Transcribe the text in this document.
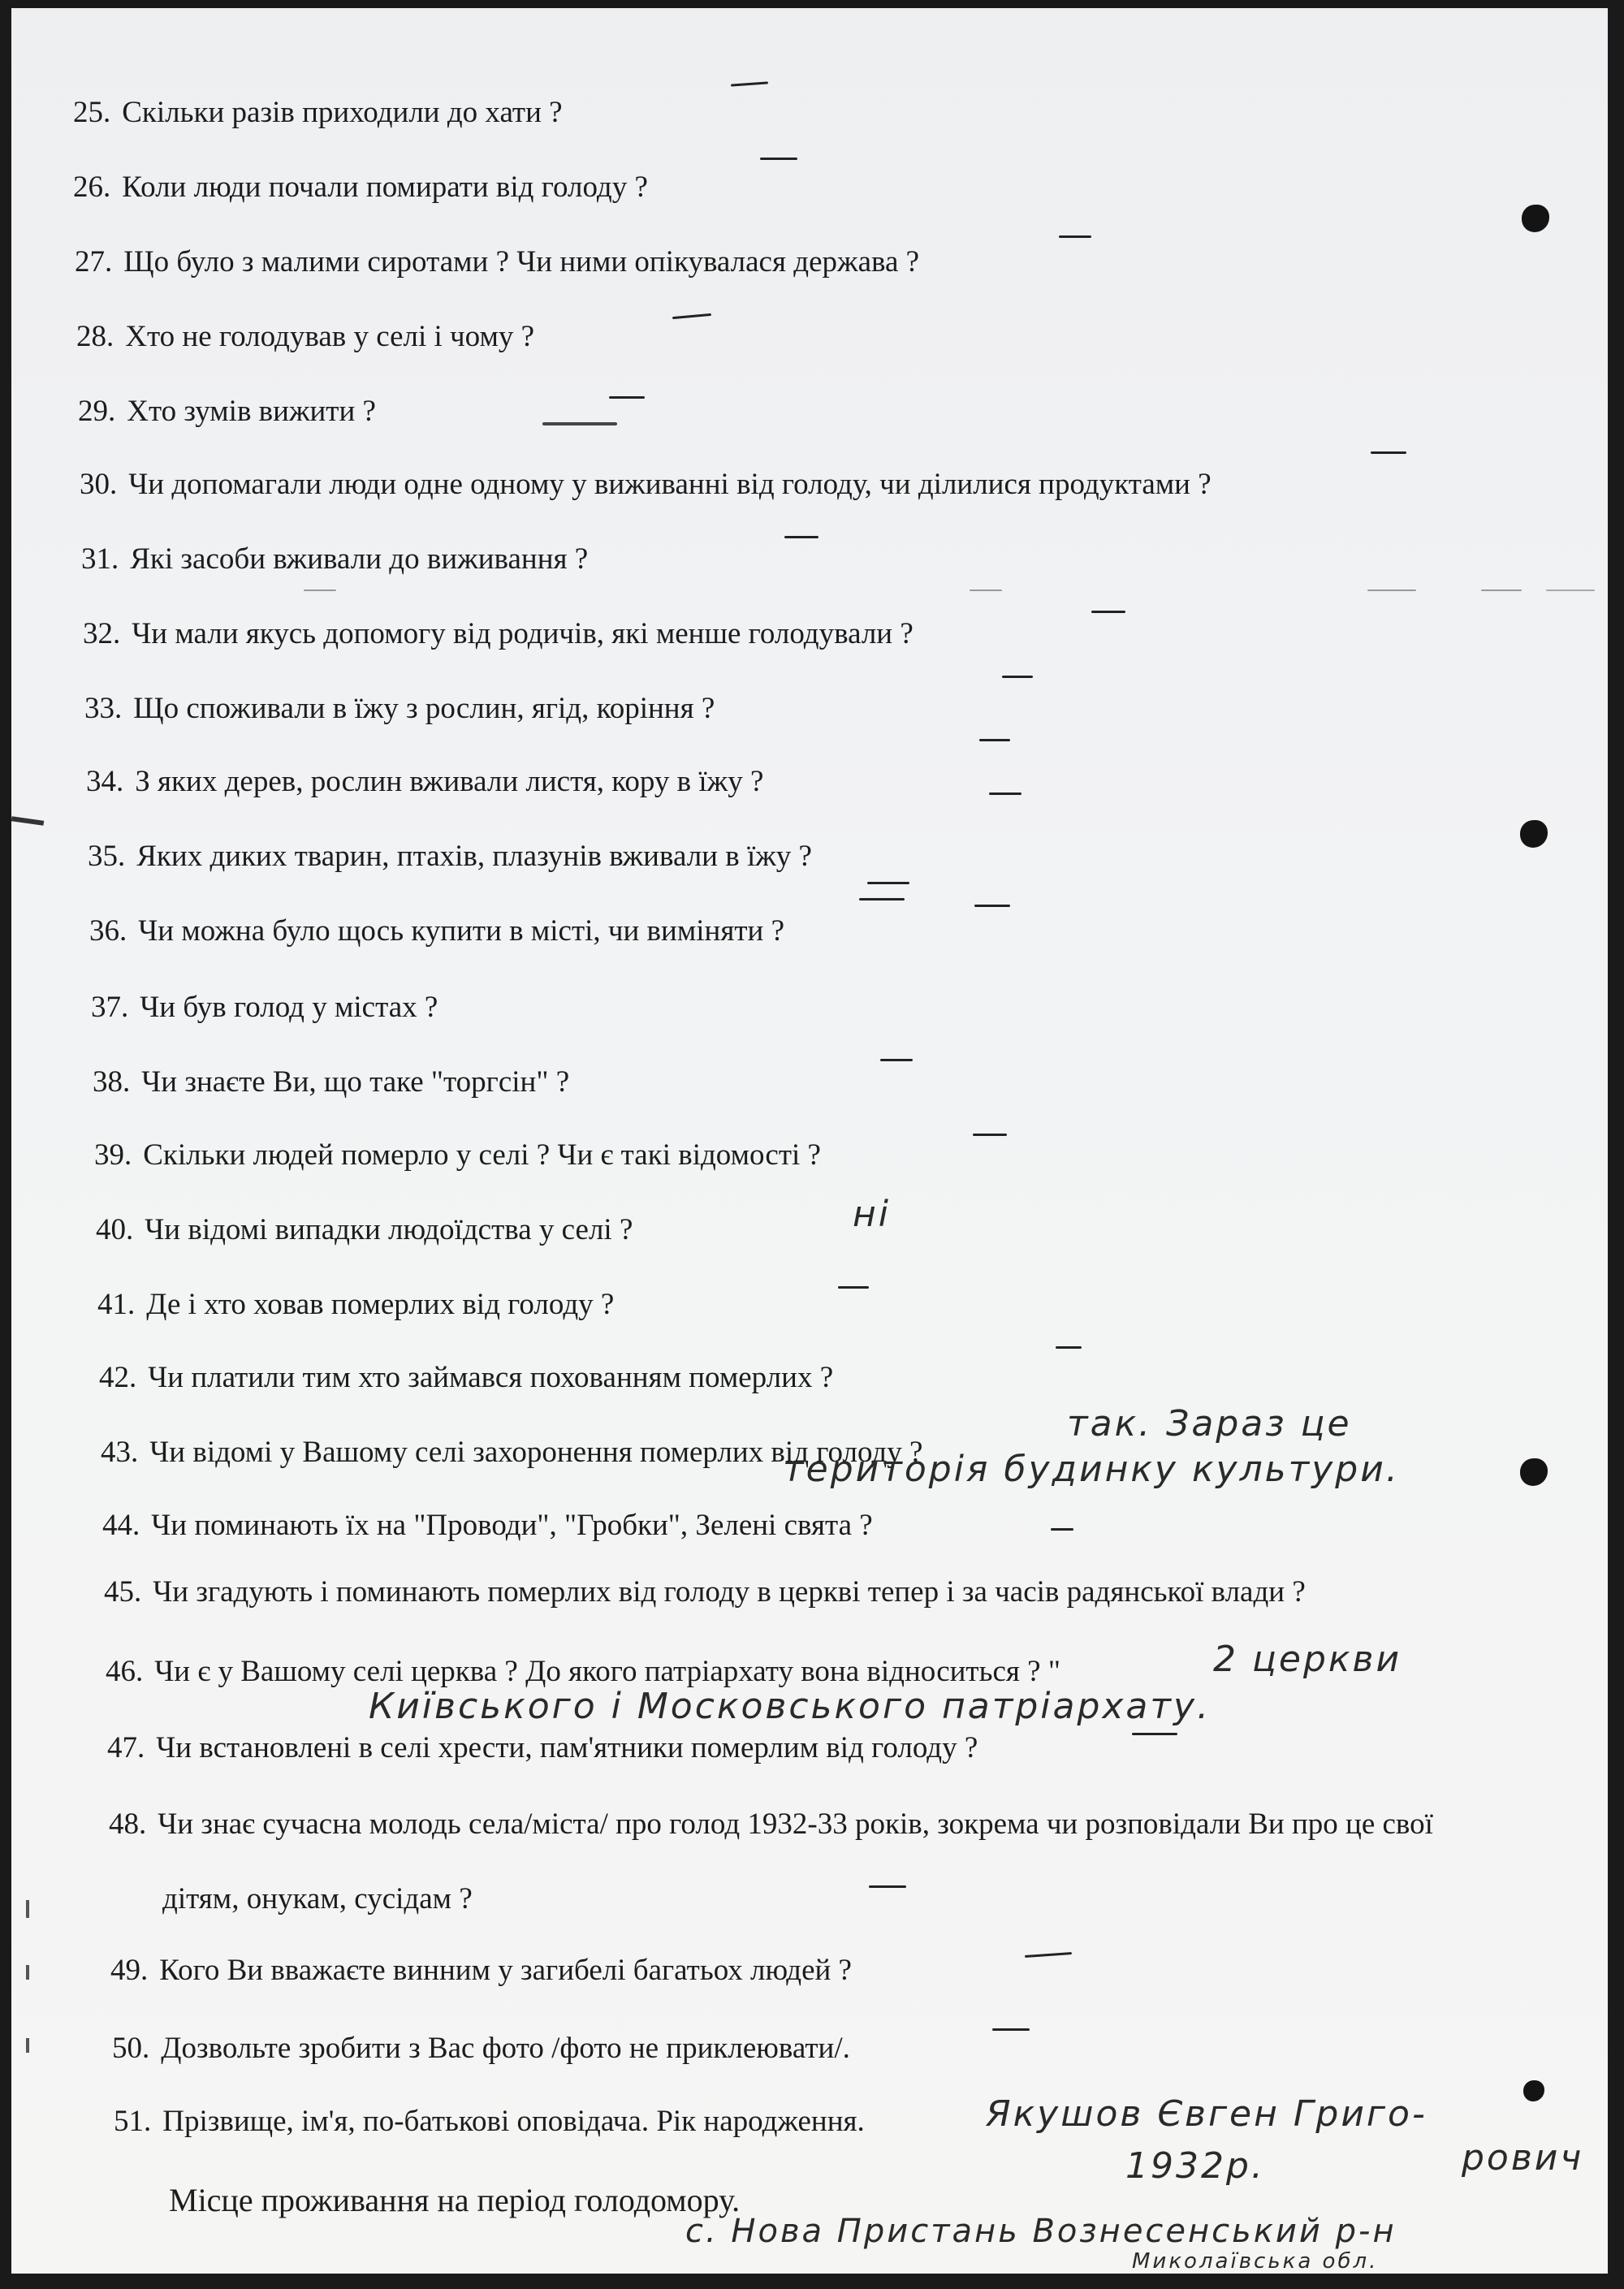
25. Скільки разів приходили до хати ?
26. Коли люди почали помирати від голоду ?
27. Що було з малими сиротами ? Чи ними опікувалася держава ?
28. Хто не голодував у селі і чому ?
29. Хто зумів вижити ?
30. Чи допомагали люди одне одному у виживанні від голоду, чи ділилися продуктами ?
31. Які засоби вживали до виживання ?
32. Чи мали якусь допомогу від родичів, які менше голодували ?
33. Що споживали в їжу з рослин, ягід, коріння ?
34. З яких дерев, рослин вживали листя, кору в їжу ?
35. Яких диких тварин, птахів, плазунів вживали в їжу ?
36. Чи можна було щось купити в місті, чи виміняти ?
37. Чи був голод у містах ?
38. Чи знаєте Ви, що таке "торгсін" ?
39. Скільки людей померло у селі ? Чи є такі відомості ?
40. Чи відомі випадки людоїдства у селі ?
41. Де і хто ховав померлих від голоду ?
42. Чи платили тим хто займався похованням померлих ?
43. Чи відомі у Вашому селі захоронення померлих від голоду ?
44. Чи поминають їх на "Проводи", "Гробки", Зелені свята ?
45. Чи згадують і поминають померлих від голоду в церкві тепер і за часів радянської влади ?
46. Чи є у Вашому селі церква ? До якого патріархату вона відноситься ? "
47. Чи встановлені в селі хрести, пам'ятники померлим від голоду ?
48. Чи знає сучасна молодь села/міста/ про голод 1932-33 років, зокрема чи розповідали Ви про це свої
дітям, онукам, сусідам ?
49. Кого Ви вважаєте винним у загибелі багатьох людей ?
50. Дозвольте зробити з Вас фото /фото не приклеювати/.
51. Прізвище, ім'я, по-батькові оповідача. Рік народження.
Місце проживання на період голодомору.
ні
так. Зараз це
територія будинку культури.
2 церкви
Київського і Московського патріархату.
Якушов Євген Григо-
рович
1932р.
с. Нова Пристань Вознесенський р-н
Миколаївська обл.
